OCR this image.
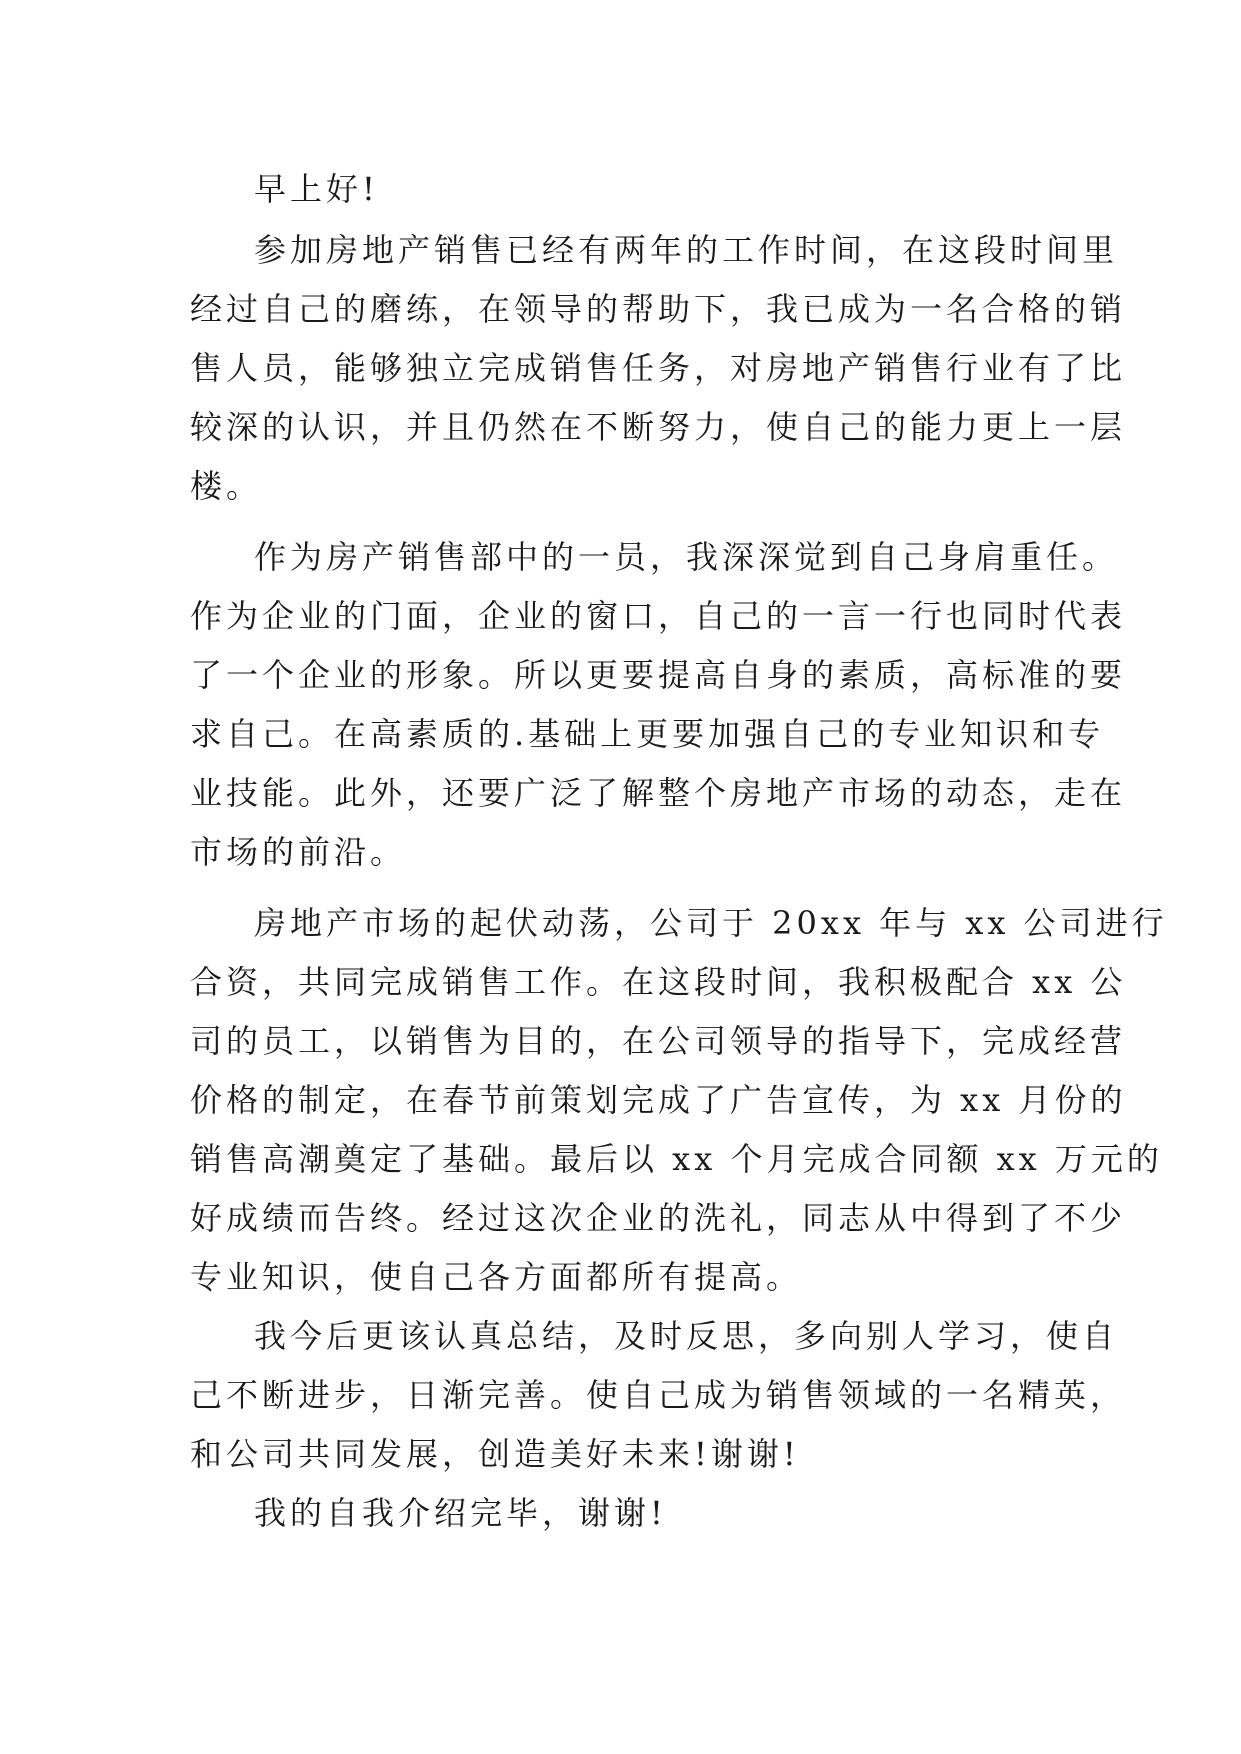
早上好!
参加房地产销售已经有两年的工作时间，在这段时间里
经过自己的磨练，在领导的帮助下，我已成为一名合格的销
售人员，能够独立完成销售任务，对房地产销售行业有了比
较深的认识，并且仍然在不断努力，使自己的能力更上一层
楼。
作为房产销售部中的一员，我深深觉到自己身肩重任。
作为企业的门面，企业的窗口，自己的一言一行也同时代表
了一个企业的形象。所以更要提高自身的素质，高标准的要
求自己。在高素质的.基础上更要加强自己的专业知识和专
业技能。此外，还要广泛了解整个房地产市场的动态，走在
市场的前沿。
房地产市场的起伏动荡，公司于 20xx 年与 xx 公司进行
合资，共同完成销售工作。在这段时间，我积极配合 xx 公
司的员工，以销售为目的，在公司领导的指导下，完成经营
价格的制定，在春节前策划完成了广告宣传，为 xx 月份的
销售高潮奠定了基础。最后以 xx 个月完成合同额 xx 万元的
好成绩而告终。经过这次企业的洗礼，同志从中得到了不少
专业知识，使自己各方面都所有提高。
我今后更该认真总结，及时反思，多向别人学习，使自
己不断进步，日渐完善。使自己成为销售领域的一名精英，
和公司共同发展，创造美好未来!谢谢!
我的自我介绍完毕，谢谢!
